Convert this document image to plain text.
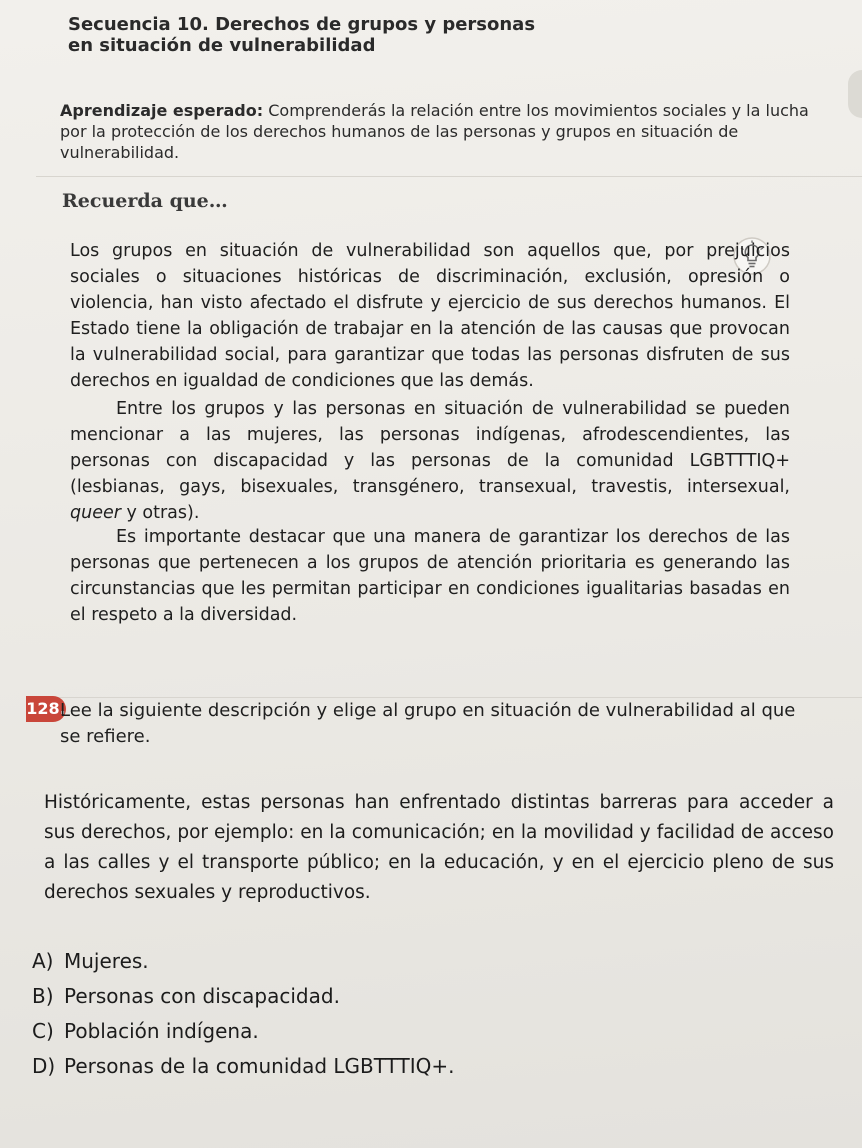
Secuencia 10. Derechos de grupos y personas
en situación de vulnerabilidad
Aprendizaje esperado: Comprenderás la relación entre los movimientos sociales y la lucha por la protección de los derechos humanos de las personas y grupos en situación de vulnerabilidad.
Recuerda que…
Los grupos en situación de vulnerabilidad son aquellos que, por prejuicios sociales o situaciones históricas de discriminación, exclusión, opresión o violencia, han visto afectado el disfrute y ejercicio de sus derechos humanos. El Estado tiene la obligación de trabajar en la atención de las causas que provocan la vulnerabilidad social, para garantizar que todas las personas disfruten de sus derechos en igualdad de condiciones que las demás.
Entre los grupos y las personas en situación de vulnerabilidad se pueden mencionar a las mujeres, las personas indígenas, afrodescendientes, las personas con discapacidad y las personas de la comunidad LGBTTTIQ+ (lesbianas, gays, bisexuales, transgénero, transexual, travestis, intersexual, queer y otras).
Es importante destacar que una manera de garantizar los derechos de las personas que pertenecen a los grupos de atención prioritaria es generando las circunstancias que les permitan participar en condiciones igualitarias basadas en el respeto a la diversidad.
128.
Lee la siguiente descripción y elige al grupo en situación de vulnerabilidad al que se refiere.
Históricamente, estas personas han enfrentado distintas barreras para acceder a sus derechos, por ejemplo: en la comunicación; en la movilidad y facilidad de acceso a las calles y el transporte público; en la educación, y en el ejercicio pleno de sus derechos sexuales y reproductivos.
A) Mujeres.
B) Personas con discapacidad.
C) Población indígena.
D) Personas de la comunidad LGBTTTIQ+.
